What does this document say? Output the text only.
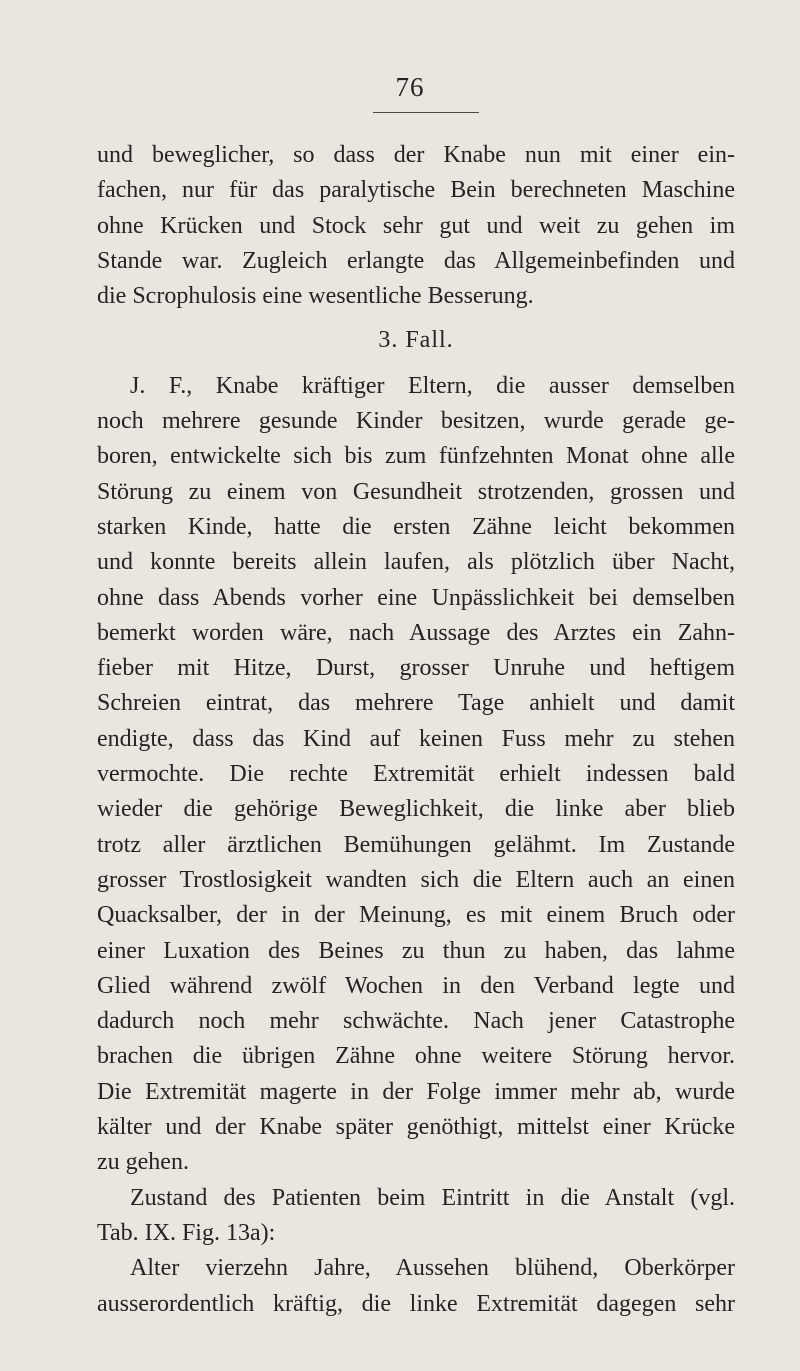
76
und beweglicher, so dass der Knabe nun mit einer ein-
fachen, nur für das paralytische Bein berechneten Maschine
ohne Krücken und Stock sehr gut und weit zu gehen im
Stande war. Zugleich erlangte das Allgemeinbefinden und
die Scrophulosis eine wesentliche Besserung.
3. Fall.
J. F., Knabe kräftiger Eltern, die ausser demselben
noch mehrere gesunde Kinder besitzen, wurde gerade ge-
boren, entwickelte sich bis zum fünfzehnten Monat ohne alle
Störung zu einem von Gesundheit strotzenden, grossen und
starken Kinde, hatte die ersten Zähne leicht bekommen
und konnte bereits allein laufen, als plötzlich über Nacht,
ohne dass Abends vorher eine Unpässlichkeit bei demselben
bemerkt worden wäre, nach Aussage des Arztes ein Zahn-
fieber mit Hitze, Durst, grosser Unruhe und heftigem
Schreien eintrat, das mehrere Tage anhielt und damit
endigte, dass das Kind auf keinen Fuss mehr zu stehen
vermochte. Die rechte Extremität erhielt indessen bald
wieder die gehörige Beweglichkeit, die linke aber blieb
trotz aller ärztlichen Bemühungen gelähmt. Im Zustande
grosser Trostlosigkeit wandten sich die Eltern auch an einen
Quacksalber, der in der Meinung, es mit einem Bruch oder
einer Luxation des Beines zu thun zu haben, das lahme
Glied während zwölf Wochen in den Verband legte und
dadurch noch mehr schwächte. Nach jener Catastrophe
brachen die übrigen Zähne ohne weitere Störung hervor.
Die Extremität magerte in der Folge immer mehr ab, wurde
kälter und der Knabe später genöthigt, mittelst einer Krücke
zu gehen.
Zustand des Patienten beim Eintritt in die Anstalt (vgl.
Tab. IX. Fig. 13a):
Alter vierzehn Jahre, Aussehen blühend, Oberkörper
ausserordentlich kräftig, die linke Extremität dagegen sehr
